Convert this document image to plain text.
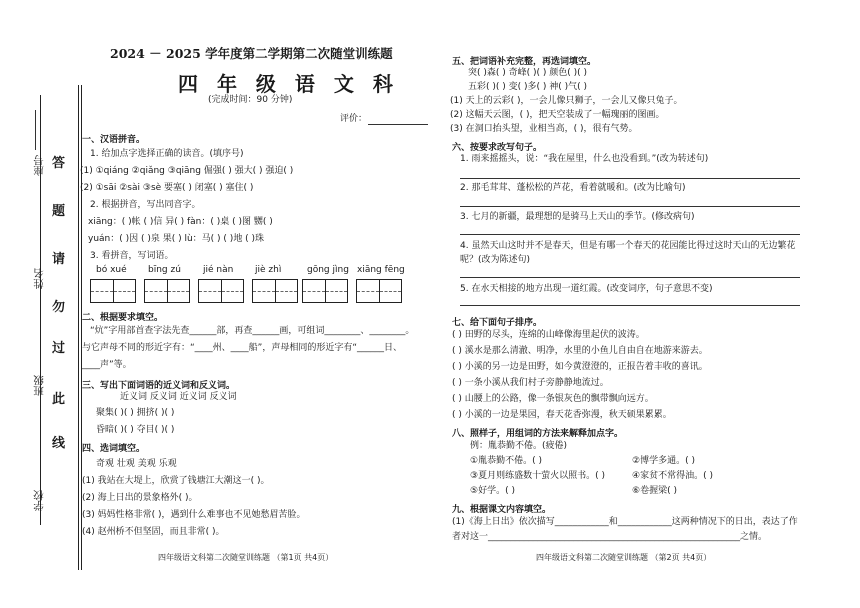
答
题
请
勿
过
此
线
座号
姓名
班级
学校
2024 － 2025 学年度第二学期第二次随堂训练题
四 年 级 语 文 科
(完成时间：90 分钟)
评价：
一、汉语拼音。
1. 给加点字选择正确的读音。(填序号)
(1) ①qiáng ②qiǎng ③qiāng 倔强( ) 强大( ) 强迫( )
(2) ①sāi ②sài ③sè 要塞( ) 闭塞( ) 塞住( )
2. 根据拼音，写出同音字。
xiāng：( )帐 ( )信 异( ) fàn：( )桌 ( )图 嬲( )
yuán：( )因 ( )泉 果( ) lù：马( ) ( )地 ( )珠
3. 看拼音，写词语。
bó xué bīng zú jié nàn jiè zhì	gōng jìng xiāng fēng
二、根据要求填空。
“炕”字用部首查字法先查______部，再查______画，可组词________、________。
与它声母不同的形近字有：“____州、____船”，声母相同的形近字有“______日、
____声”等。
三、写出下面词语的近义词和反义词。
近义词 反义词 近义词 反义词
聚集( )( ) 拥挤( )( )
昏暗( )( ) 夺目( )( )
四、选词填空。
奇观 壮观 美观 乐观
(1) 我站在大堤上，欣赏了钱塘江大潮这一( )。
(2) 海上日出的景象格外( )。
(3) 妈妈性格非常( )，遇到什么难事也不见她愁眉苦脸。
(4) 赵州桥不但坚固，而且非常( )。
四年级语文科第二次随堂训练题 （第1页 共4页）
五、把词语补充完整，再选词填空。
突( )森( ) 奇峰( )( ) 颜色( )( )
五彩( )( ) 变( )多( ) 神( )气( )
(1) 天上的云彩( )，一会儿像只狮子，一会儿又像只兔子。
(2) 这幅天云图，( )，把天空装成了一幅瑰丽的图画。
(3) 在洞口抬头望，业相当高，( )，很有气势。
六、按要求改写句子。
1. 雨来摇摇头，说：“我在屋里，什么也没看到。”(改为转述句)
2. 那毛茸茸、蓬松松的芦花，看着就暖和。(改为比喻句)
3. 七月的新疆，最理想的是骑马上天山的季节。(修改病句)
4. 虽然天山这时并不是春天，但是有哪一个春天的花园能比得过这时天山的无边繁花
呢？(改为陈述句)
5. 在水天相接的地方出现一道红霞。(改变词序，句子意思不变)
七、给下面句子排序。
( ) 田野的尽头，连绵的山峰像海里起伏的波涛。
( ) 溪水是那么清澈、明净，水里的小鱼儿自由自在地游来游去。
( ) 小溪的另一边是田野，如今黄澄澄的，正报告着丰收的喜讯。
( ) 一条小溪从我们村子旁静静地流过。
( ) 山腰上的公路，像一条银灰色的飘带飘向远方。
( ) 小溪的一边是果园，春天花香弥漫，秋天硕果累累。
八、照样子，用组词的方法来解释加点字。
例：胤恭勤不倦。(疲倦)
①胤恭勤不倦。( )	②博学多通。( )
③夏月则练盛数十萤火以照书。( )	④家贫不常得油。( )
⑤好学。( )	⑥卷握梁( )
九、根据课文内容填空。
(1)《海上日出》依次描写____________和____________这两种情况下的日出，表达了作
者对这一________________________________________________________之情。
四年级语文科第二次随堂训练题 （第2页 共4页）
